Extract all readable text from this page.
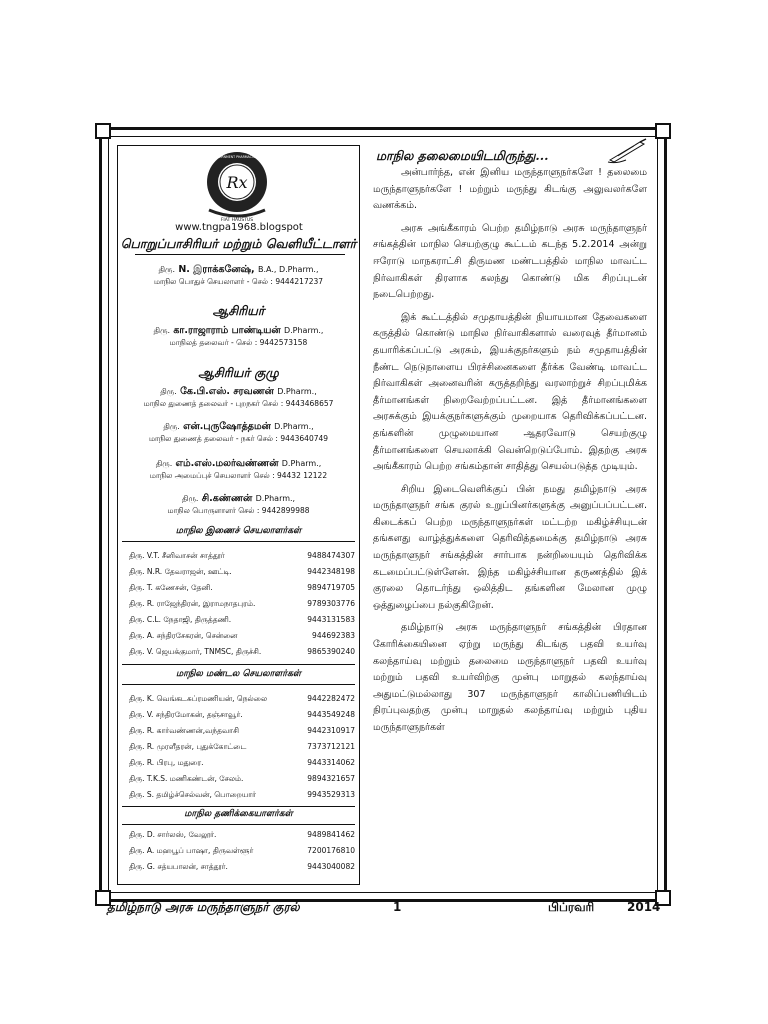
Rx
FIAT HAUSTUS
TAMILNADU GOVERNMENT PHARMACISTS ASSOCIATION
www.tngpa1968.blogspot
பொறுப்பாசிரியர் மற்றும் வெளியீட்டாளர்
திரு. N. இராக்கனேஷ், B.A., D.Pharm.,
மாநில பொதுச் செயலாளர் - செல் : 9444217237
ஆசிரியர்
திரு. கா.ராஜாராம் பாண்டியன் D.Pharm.,
மாநிலத் தலைவர் - செல் : 9442573158
ஆசிரியர் குழு
திரு. கே.பி.எஸ். சரவணன் D.Pharm.,
மாநில துணைத் தலைவர் - புறநகர் செல் : 9443468657
திரு. என்.புருஷோத்தமன் D.Pharm.,
மாநில துணைத் தலைவர் - நகர் செல் : 9443640749
திரு. எம்.எஸ்.மலர்வண்ணன் D.Pharm.,
மாநில அமைப்புச் செயலாளர் செல் : 94432 12122
திரு. சி.கண்ணன் D.Pharm.,
மாநில பொருளாளர் செல் : 9442899988
மாநில இணைச் செயலாளர்கள்
திரு. V.T. சீனிவாசன் சாத்தூர்	9488474307
திரு. N.R. தேவராஜன், ஊட்டி.	9442348198
திரு. T. கணேசன், தேனி.	9894719705
திரு. R. ராஜேந்திரன், இராமநாதபுரம்.	9789303776
திரு. C.L. நேதாஜி, திருத்தணி.	9443131583
திரு. A. சந்திரசேகரன், சென்னை	944692383
திரு. V. ஜெயக்குமார், TNMSC, திருச்சி.	9865390240
மாநில மண்டல செயலாளர்கள்
திரு. K. வெங்கடசுப்ரமணியன், நெல்லை	9442282472
திரு. V. சந்திரமோகன், தஞ்சாவூர்.	9443549248
திரு. R. கார்வண்ணன்,வந்தவாசி	9442310917
திரு. R. முரளீதரன், புதுக்கோட்டை	7373712121
திரு. R. பிரபு, மதுரை.	9443314062
திரு. T.K.S. மணிகண்டன், சேலம்.	9894321657
திரு. S. தமிழ்ச்செல்வன், பொறையார்	9943529313
மாநில தணிக்கையாளர்கள்
திரு. D. சார்லஸ், வேலூர்.	9489841462
திரு. A. மஹபூப் பாஷா, திருவள்ளூர்	7200176810
திரு. G. சத்யபாலன், சாத்தூர்.	9443040082
மாநில தலைமையிடமிருந்து...

அன்பார்ந்த, என் இனிய மருந்தாளுநர்களே ! தலைமை மருந்தாளுநர்களே ! மற்றும் மருந்து கிடங்கு அலுவலர்களே வணக்கம்.

அரசு அங்கீகாரம் பெற்ற தமிழ்நாடு அரசு மருந்தாளுநர் சங்கத்தின் மாநில செயற்குழு கூட்டம் கடந்த 5.2.2014 அன்று ஈரோடு மாநகராட்சி திருமண மண்டபத்தில் மாநில மாவட்ட நிர்வாகிகள் திரளாக கலந்து கொண்டு மிக சிறப்புடன் நடைபெற்றது.

இக் கூட்டத்தில் சமுதாயத்தின் நியாயமான தேவைகளை கருத்தில் கொண்டு மாநில நிர்வாகிகளால் வரைவுத் தீர்மானம் தயாரிக்கப்பட்டு அரசும், இயக்குநர்களும் நம் சமுதாயத்தின் நீண்ட நெடுநாளைய பிரச்சினைகளை தீர்க்க வேண்டி மாவட்ட நிர்வாகிகள் அனைவரின் கருத்தறிந்து வரலாற்றுச் சிறப்புமிக்க தீர்மானங்கள் நிறைவேற்றப்பட்டன. இத் தீர்மானங்களை அரசுக்கும் இயக்குநர்களுக்கும் முறையாக தெரிவிக்கப்பட்டன. தங்களின் முழுமையான ஆதரவோடு செயற்குழு தீர்மானங்களை செயலாக்கி வென்றெடுப்போம். இதற்கு அரசு அங்கீகாரம் பெற்ற சங்கம்தான் சாதித்து செயல்படுத்த முடியும்.

சிறிய இடைவெளிக்குப் பின் நமது தமிழ்நாடு அரசு மருந்தாளுநர் சங்க குரல் உறுப்பினர்களுக்கு அனுப்பப்பட்டன. கிடைக்கப் பெற்ற மருந்தாளுநர்கள் மட்டற்ற மகிழ்ச்சியுடன் தங்களது வாழ்த்துக்களை தெரிவித்தமைக்கு தமிழ்நாடு அரசு மருந்தாளுநர் சங்கத்தின் சார்பாக நன்றியையும் தெரிவிக்க கடமைப்பட்டுள்ளேன். இந்த மகிழ்ச்சியான தருணத்தில் இக் குரலை தொடர்ந்து ஒலித்திட தங்களின மேலான முழு ஒத்துழைப்பை நல்குகிறேன்.

தமிழ்நாடு அரசு மருந்தாளுநர் சங்கத்தின் பிரதான கோரிக்கையினை ஏற்று மருந்து கிடங்கு பதவி உயர்வு கலந்தாய்வு மற்றும் தலைமை மருந்தாளுநர் பதவி உயர்வு மற்றும் பதவி உயர்விற்கு முன்பு மாறுதல் கலந்தாய்வு அதுமட்டுமல்லாது 307 மருந்தாளுநர் காலிப்பணியிடம் நிரப்புவதற்கு முன்பு மாறுதல் கலந்தாய்வு மற்றும் புதிய மருந்தாளுநர்கள்

தமிழ்நாடு அரசு மருந்தாளுநர் குரல்	1	பிப்ரவரி	2014
